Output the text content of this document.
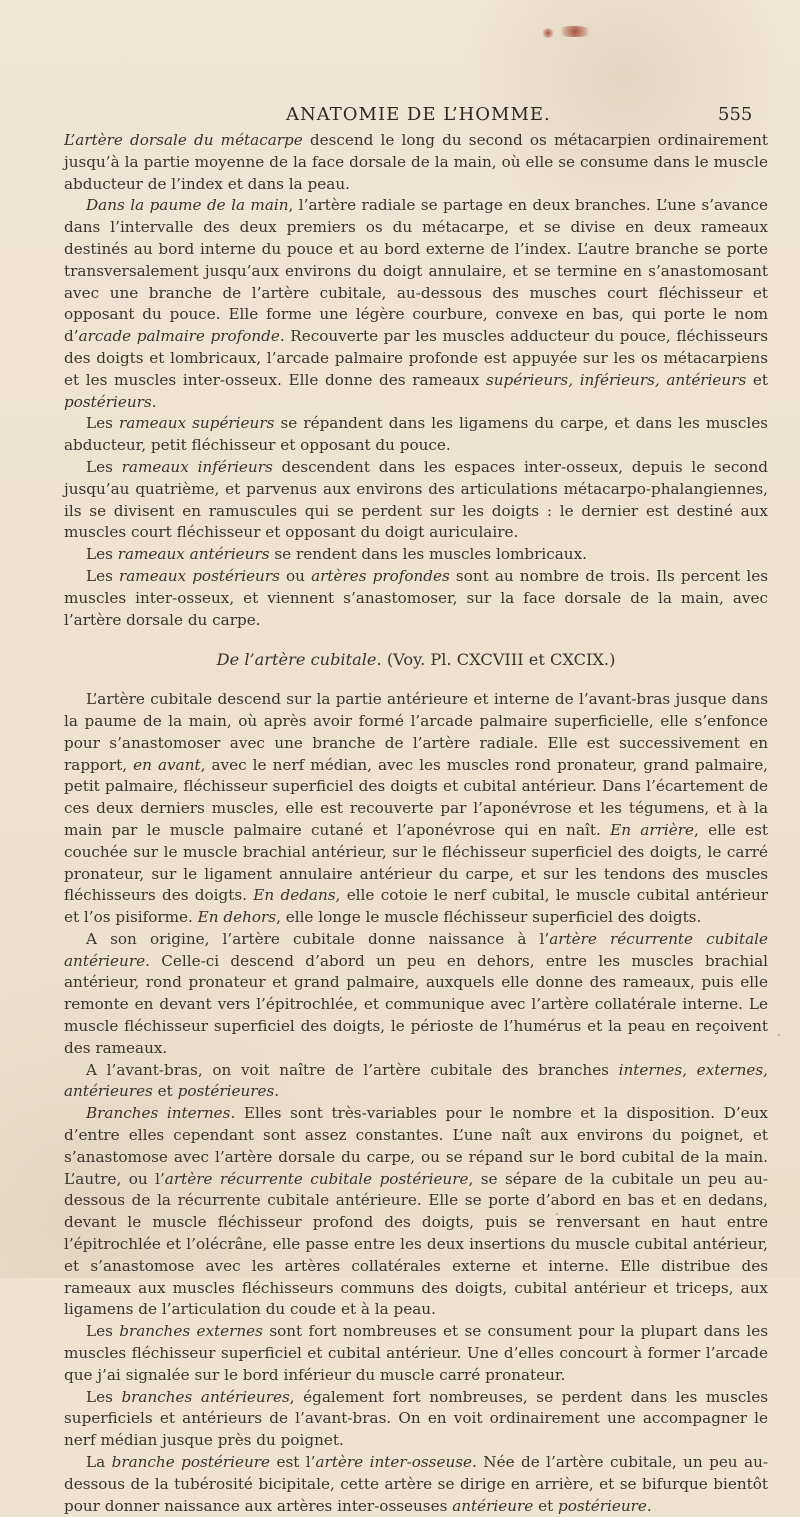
ANATOMIE DE L’HOMME.	555

L’artère dorsale du métacarpe descend le long du second os métacarpien ordinairement jusqu’à la partie moyenne de la face dorsale de la main, où elle se consume dans le muscle abducteur de l’index et dans la peau.

Dans la paume de la main, l’artère radiale se partage en deux branches. L’une s’avance dans l’intervalle des deux premiers os du métacarpe, et se divise en deux rameaux destinés au bord interne du pouce et au bord externe de l’index. L’autre branche se porte transversalement jusqu’aux environs du doigt annulaire, et se termine en s’anastomosant avec une branche de l’artère cubitale, au-dessous des musches court fléchisseur et opposant du pouce. Elle forme une légère courbure, convexe en bas, qui porte le nom d’arcade palmaire profonde. Recouverte par les muscles adducteur du pouce, fléchisseurs des doigts et lombricaux, l’arcade palmaire profonde est appuyée sur les os métacarpiens et les muscles inter-osseux. Elle donne des rameaux supérieurs, inférieurs, antérieurs et postérieurs.

Les rameaux supérieurs se répandent dans les ligamens du carpe, et dans les muscles abducteur, petit fléchisseur et opposant du pouce.

Les rameaux inférieurs descendent dans les espaces inter-osseux, depuis le second jusqu’au quatrième, et parvenus aux environs des articulations métacarpo-phalangiennes, ils se divisent en ramuscules qui se perdent sur les doigts : le dernier est destiné aux muscles court fléchisseur et opposant du doigt auriculaire.

Les rameaux antérieurs se rendent dans les muscles lombricaux.

Les rameaux postérieurs ou artères profondes sont au nombre de trois. Ils percent les muscles inter-osseux, et viennent s’anastomoser, sur la face dorsale de la main, avec l’artère dorsale du carpe.

De l’artère cubitale. (Voy. Pl. CXCVIII et CXCIX.)

L’artère cubitale descend sur la partie antérieure et interne de l’avant-bras jusque dans la paume de la main, où après avoir formé l’arcade palmaire superficielle, elle s’enfonce pour s’anastomoser avec une branche de l’artère radiale. Elle est successivement en rapport, en avant, avec le nerf médian, avec les muscles rond pronateur, grand palmaire, petit palmaire, fléchisseur superficiel des doigts et cubital antérieur. Dans l’écartement de ces deux derniers muscles, elle est recouverte par l’aponévrose et les tégumens, et à la main par le muscle palmaire cutané et l’aponévrose qui en naît. En arrière, elle est couchée sur le muscle brachial antérieur, sur le fléchisseur superficiel des doigts, le carré pronateur, sur le ligament annulaire antérieur du carpe, et sur les tendons des muscles fléchisseurs des doigts. En dedans, elle cotoie le nerf cubital, le muscle cubital antérieur et l’os pisiforme. En dehors, elle longe le muscle fléchisseur superficiel des doigts.

A son origine, l’artère cubitale donne naissance à l’artère récurrente cubitale antérieure. Celle-ci descend d’abord un peu en dehors, entre les muscles brachial antérieur, rond pronateur et grand palmaire, auxquels elle donne des rameaux, puis elle remonte en devant vers l’épitrochlée, et communique avec l’artère collatérale interne. Le muscle fléchisseur superficiel des doigts, le périoste de l’humérus et la peau en reçoivent des rameaux.

A l’avant-bras, on voit naître de l’artère cubitale des branches internes, externes, antérieures et postérieures.

Branches internes. Elles sont très-variables pour le nombre et la disposition. D’eux d’entre elles cependant sont assez constantes. L’une naît aux environs du poignet, et s’anastomose avec l’artère dorsale du carpe, ou se répand sur le bord cubital de la main. L’autre, ou l’artère récurrente cubitale postérieure, se sépare de la cubitale un peu au-dessous de la récurrente cubitale antérieure. Elle se porte d’abord en bas et en dedans, devant le muscle fléchisseur profond des doigts, puis se renversant en haut entre l’épitrochlée et l’olécrâne, elle passe entre les deux insertions du muscle cubital antérieur, et s’anastomose avec les artères collatérales externe et interne. Elle distribue des rameaux aux muscles fléchisseurs communs des doigts, cubital antérieur et triceps, aux ligamens de l’articulation du coude et à la peau.

Les branches externes sont fort nombreuses et se consument pour la plupart dans les muscles fléchisseur superficiel et cubital antérieur. Une d’elles concourt à former l’arcade que j’ai signalée sur le bord inférieur du muscle carré pronateur.

Les branches antérieures, également fort nombreuses, se perdent dans les muscles superficiels et antérieurs de l’avant-bras. On en voit ordinairement une accompagner le nerf médian jusque près du poignet.

La branche postérieure est l’artère inter-osseuse. Née de l’artère cubitale, un peu au-dessous de la tubérosité bicipitale, cette artère se dirige en arrière, et se bifurque bientôt pour donner naissance aux artères inter-osseuses antérieure et postérieure.
